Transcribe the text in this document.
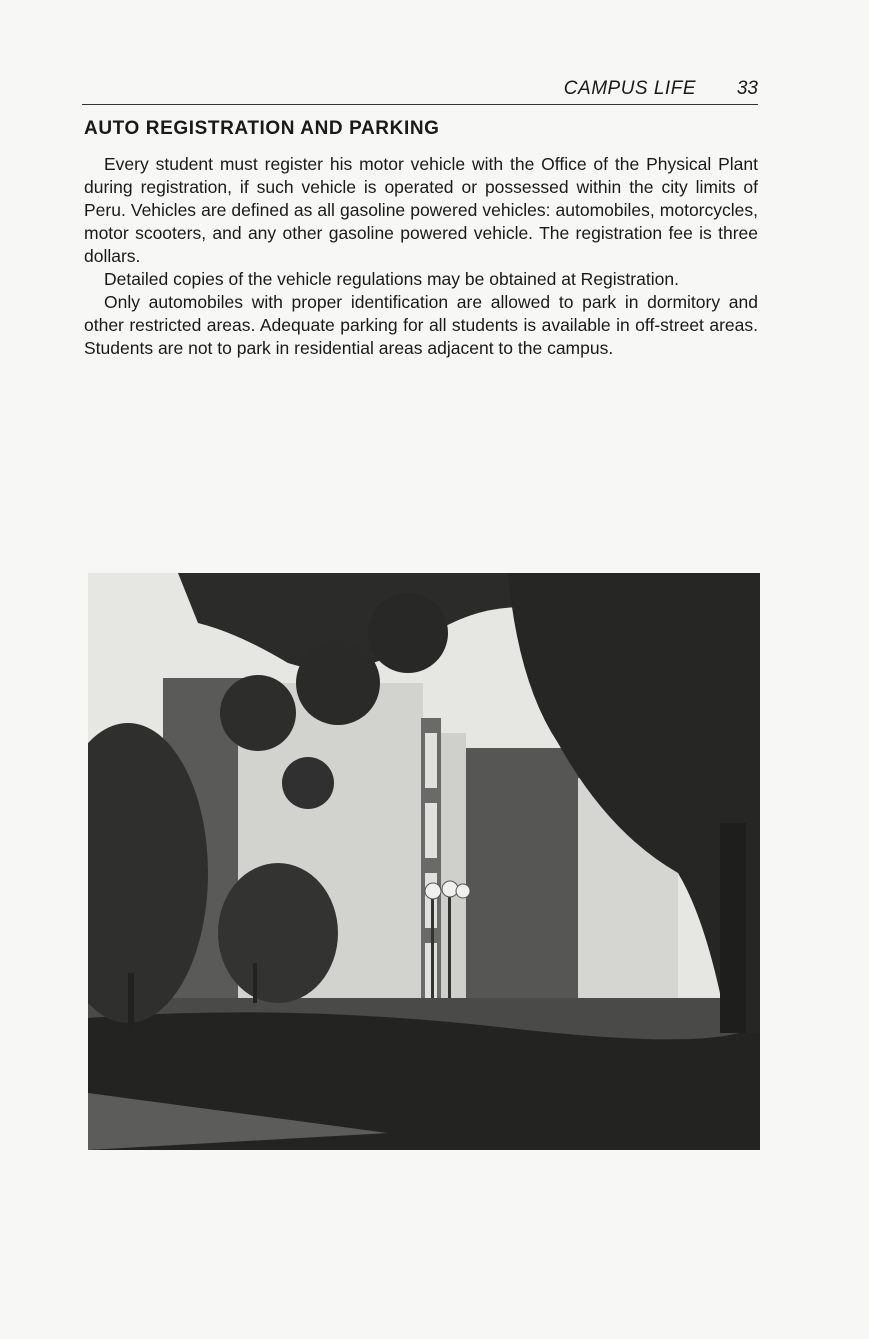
CAMPUS LIFE 33
AUTO REGISTRATION AND PARKING

Every student must register his motor vehicle with the Office of the Physical Plant during registration, if such vehicle is operated or possessed within the city limits of Peru. Vehicles are defined as all gasoline powered vehicles: automobiles, motorcycles, motor scooters, and any other gasoline powered vehicle. The registration fee is three dollars.

Detailed copies of the vehicle regulations may be obtained at Registration.

Only automobiles with proper identification are allowed to park in dormitory and other restricted areas. Adequate parking for all students is available in off-street areas. Students are not to park in residential areas adjacent to the campus.
